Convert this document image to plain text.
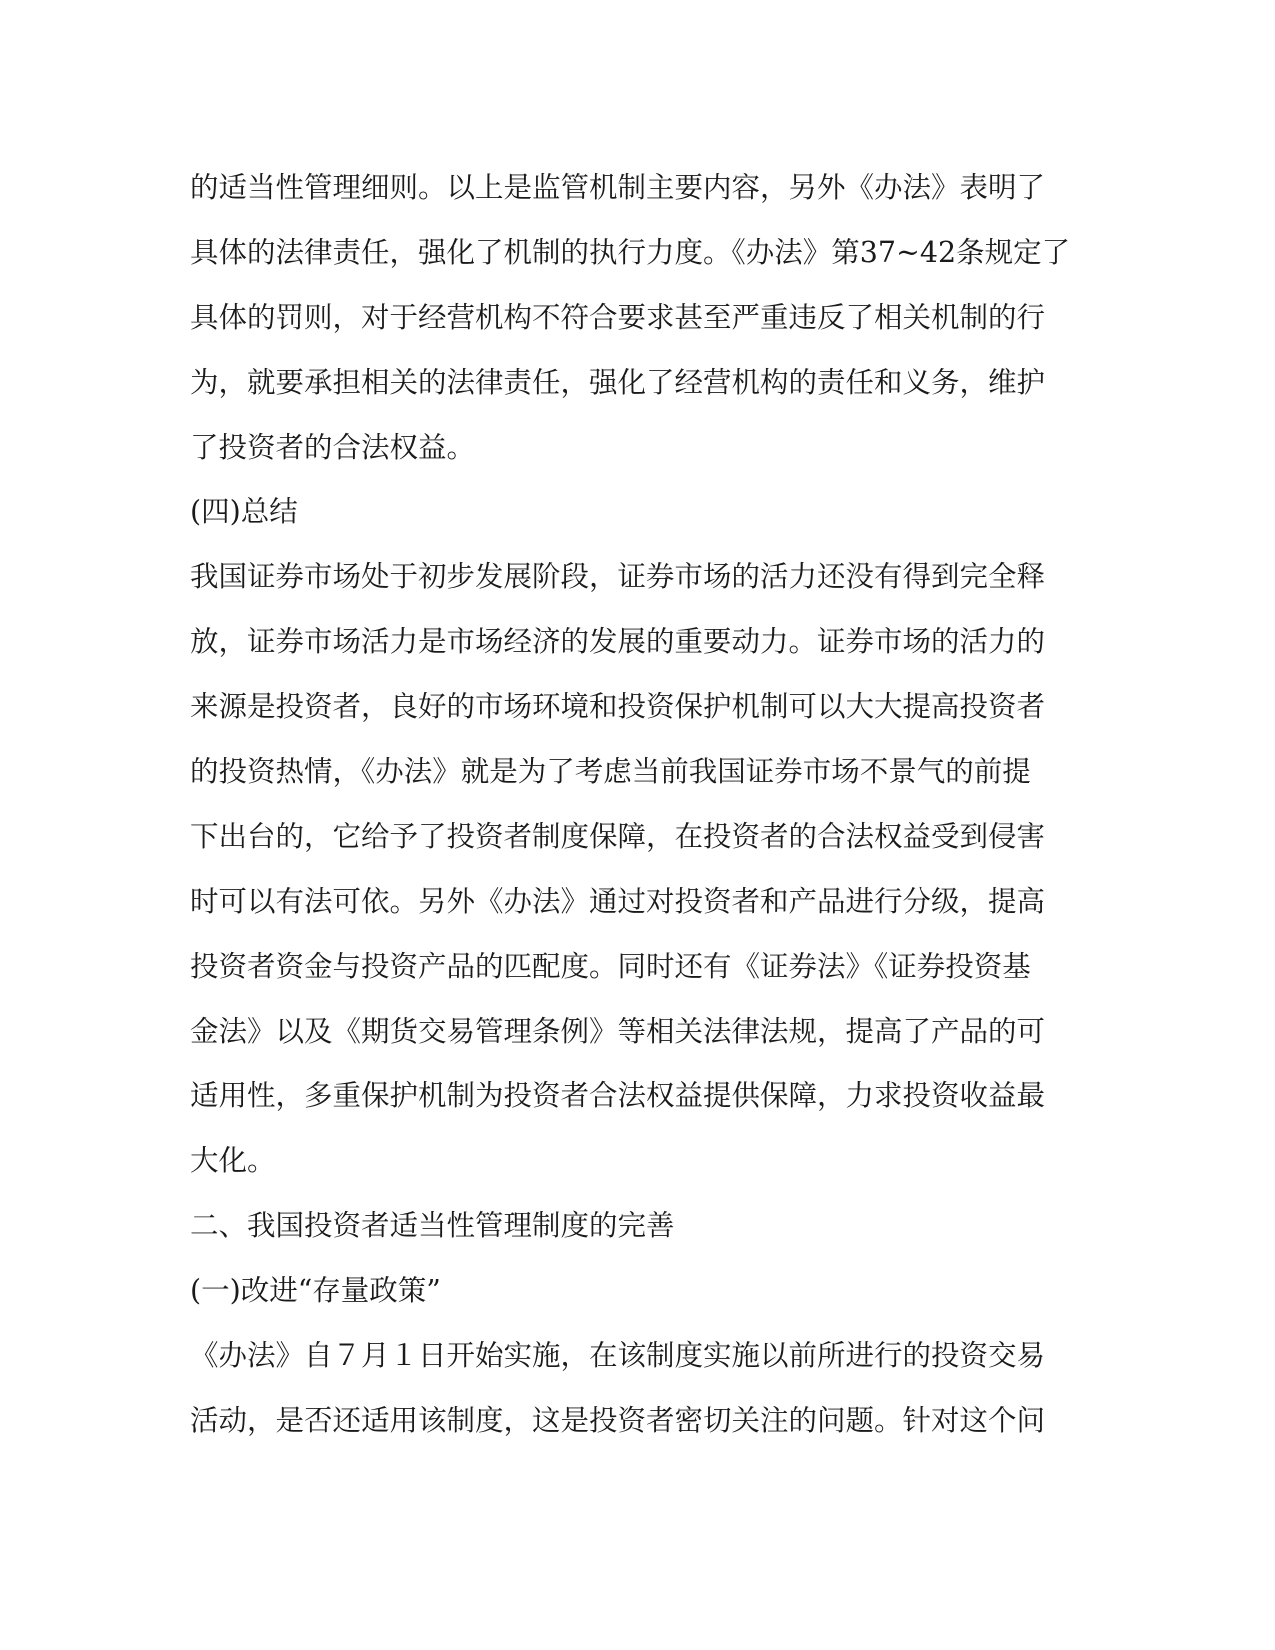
的适当性管理细则。以上是监管机制主要内容，另外《办法》表明了
具体的法律责任，强化了机制的执行力度。《办法》第37~42条规定了
具体的罚则，对于经营机构不符合要求甚至严重违反了相关机制的行
为，就要承担相关的法律责任，强化了经营机构的责任和义务，维护
了投资者的合法权益。
(四)总结
我国证券市场处于初步发展阶段，证券市场的活力还没有得到完全释
放，证券市场活力是市场经济的发展的重要动力。证券市场的活力的
来源是投资者，良好的市场环境和投资保护机制可以大大提高投资者
的投资热情，《办法》就是为了考虑当前我国证券市场不景气的前提
下出台的，它给予了投资者制度保障，在投资者的合法权益受到侵害
时可以有法可依。另外《办法》通过对投资者和产品进行分级，提高
投资者资金与投资产品的匹配度。同时还有《证券法》《证券投资基
金法》以及《期货交易管理条例》等相关法律法规，提高了产品的可
适用性，多重保护机制为投资者合法权益提供保障，力求投资收益最
大化。
二、我国投资者适当性管理制度的完善
(一)改进“存量政策”
《办法》自７月１日开始实施，在该制度实施以前所进行的投资交易
活动，是否还适用该制度，这是投资者密切关注的问题。针对这个问
